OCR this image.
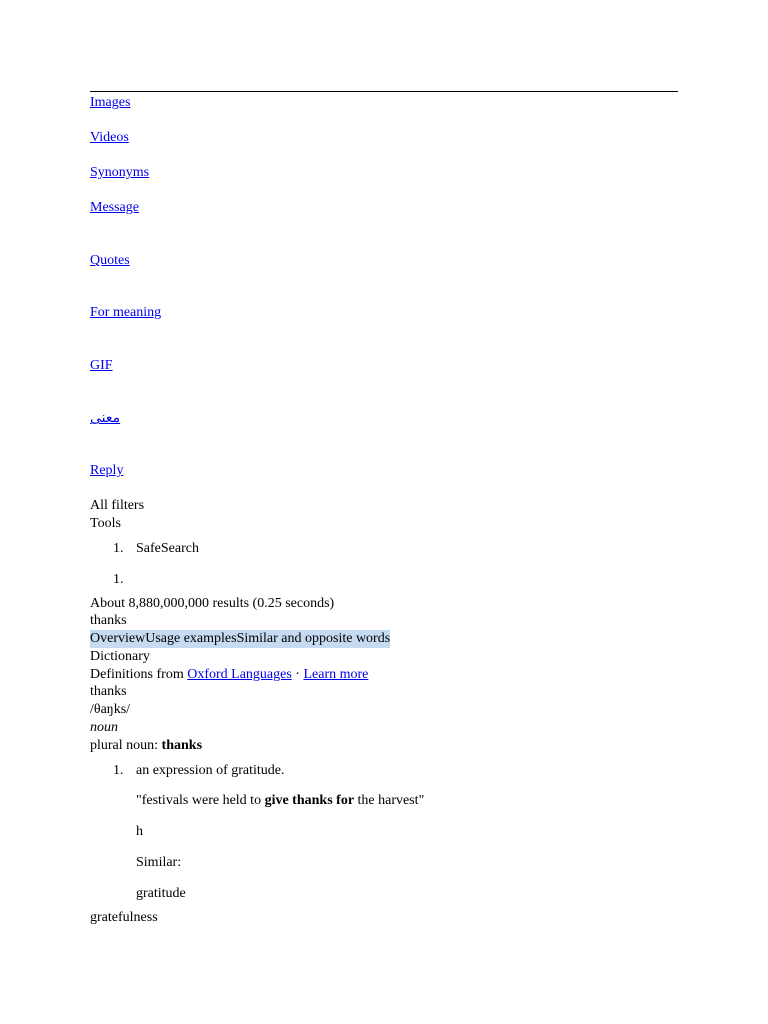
Images
Videos
Synonyms
Message
Quotes
For meaning
GIF
معنى
Reply
All filters
Tools
1. SafeSearch
1.
About 8,880,000,000 results (0.25 seconds)
thanks
OverviewUsage examplesSimilar and opposite words
Dictionary
Definitions from Oxford Languages · Learn more
thanks
/θaŋks/
noun
plural noun: thanks
1. an expression of gratitude.
"festivals were held to give thanks for the harvest"
h
Similar:
gratitude
gratefulness
